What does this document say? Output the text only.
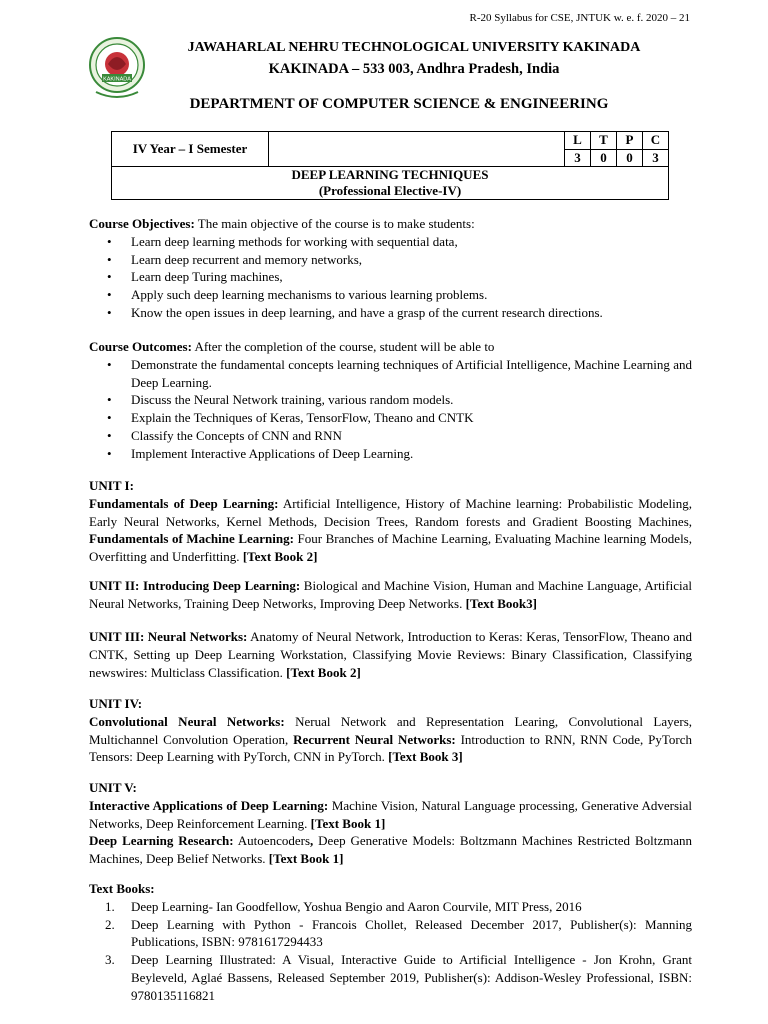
R-20 Syllabus for CSE, JNTUK w. e. f. 2020 – 21
KAKINADA
JAWAHARLAL NEHRU TECHNOLOGICAL UNIVERSITY KAKINADA
KAKINADA – 533 003, Andhra Pradesh, India
DEPARTMENT OF COMPUTER SCIENCE & ENGINEERING
IV Year – I Semester		L	T	P	C
		3	0	0	3

DEEP LEARNING TECHNIQUES
(Professional Elective-IV)					

Course Objectives: The main objective of the course is to make students:

• Learn deep learning methods for working with sequential data,
• Learn deep recurrent and memory networks,
• Learn deep Turing machines,
• Apply such deep learning mechanisms to various learning problems.
• Know the open issues in deep learning, and have a grasp of the current research directions.

Course Outcomes: After the completion of the course, student will be able to

• Demonstrate the fundamental concepts learning techniques of Artificial Intelligence, Machine Learning and Deep Learning.
• Discuss the Neural Network training, various random models.
• Explain the Techniques of Keras, TensorFlow, Theano and CNTK
• Classify the Concepts of CNN and RNN
• Implement Interactive Applications of Deep Learning.

UNIT I:

Fundamentals of Deep Learning: Artificial Intelligence, History of Machine learning: Probabilistic Modeling, Early Neural Networks, Kernel Methods, Decision Trees, Random forests and Gradient Boosting Machines, Fundamentals of Machine Learning: Four Branches of Machine Learning, Evaluating Machine learning Models, Overfitting and Underfitting. [Text Book 2]

UNIT II: Introducing Deep Learning: Biological and Machine Vision, Human and Machine Language, Artificial Neural Networks, Training Deep Networks, Improving Deep Networks. [Text Book3]

UNIT III: Neural Networks: Anatomy of Neural Network, Introduction to Keras: Keras, TensorFlow, Theano and CNTK, Setting up Deep Learning Workstation, Classifying Movie Reviews: Binary Classification, Classifying newswires: Multiclass Classification. [Text Book 2]

UNIT IV:

Convolutional Neural Networks: Nerual Network and Representation Learing, Convolutional Layers, Multichannel Convolution Operation, Recurrent Neural Networks: Introduction to RNN, RNN Code, PyTorch Tensors: Deep Learning with PyTorch, CNN in PyTorch. [Text Book 3]

UNIT V:

Interactive Applications of Deep Learning: Machine Vision, Natural Language processing, Generative Adversial Networks, Deep Reinforcement Learning. [Text Book 1]

Deep Learning Research: Autoencoders, Deep Generative Models: Boltzmann Machines Restricted Boltzmann Machines, Deep Belief Networks. [Text Book 1]

Text Books:

1. Deep Learning- Ian Goodfellow, Yoshua Bengio and Aaron Courvile, MIT Press, 2016
2. Deep Learning with Python - Francois Chollet, Released December 2017, Publisher(s): Manning Publications, ISBN: 9781617294433
3. Deep Learning Illustrated: A Visual, Interactive Guide to Artificial Intelligence - Jon Krohn, Grant Beyleveld, Aglaé Bassens, Released September 2019, Publisher(s): Addison-Wesley Professional, ISBN: 9780135116821
